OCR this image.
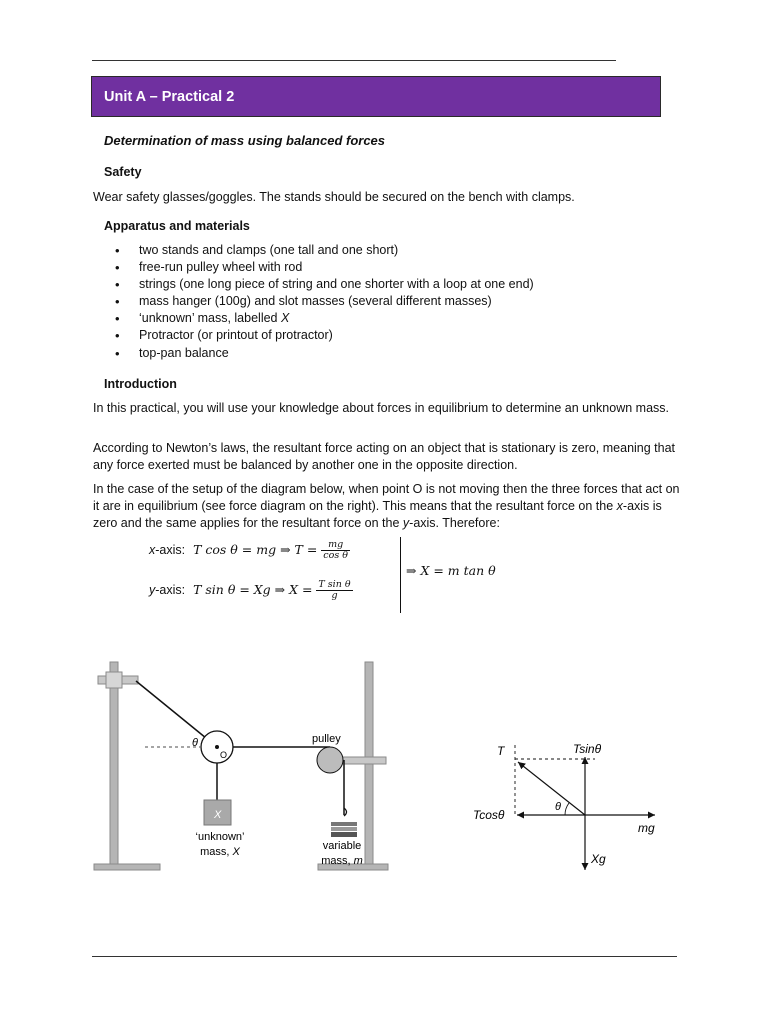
Unit A – Practical 2
Determination of mass using balanced forces
Safety
Wear safety glasses/goggles. The stands should be secured on the bench with clamps.
Apparatus and materials
• two stands and clamps (one tall and one short)
• free-run pulley wheel with rod
• strings (one long piece of string and one shorter with a loop at one end)
• mass hanger (100g) and slot masses (several different masses)
• ‘unknown’ mass, labelled X
• Protractor (or printout of protractor)
• top-pan balance
Introduction
In this practical, you will use your knowledge about forces in equilibrium to determine an unknown mass.
According to Newton’s laws, the resultant force acting on an object that is stationary is zero, meaning that any force exerted must be balanced by another one in the opposite direction.
In the case of the setup of the diagram below, when point O is not moving then the three forces that act on it are in equilibrium (see force diagram on the right). This means that the resultant force on the x-axis is zero and the same applies for the resultant force on the y-axis. Therefore:
x-axis: T cos θ = mg ⇒ $T = \frac{mg}{\text{cos θ}}$
y-axis: T sin θ = Xg ⇒ $X = \frac{\text{T sin θ}}{g}$
⇒ X = m tan θ
θ
O
pulley
X
‘unknown’
mass, X	variable
mass, m
T	Tsinθ
Tcosθ
θ
mg
Xg
